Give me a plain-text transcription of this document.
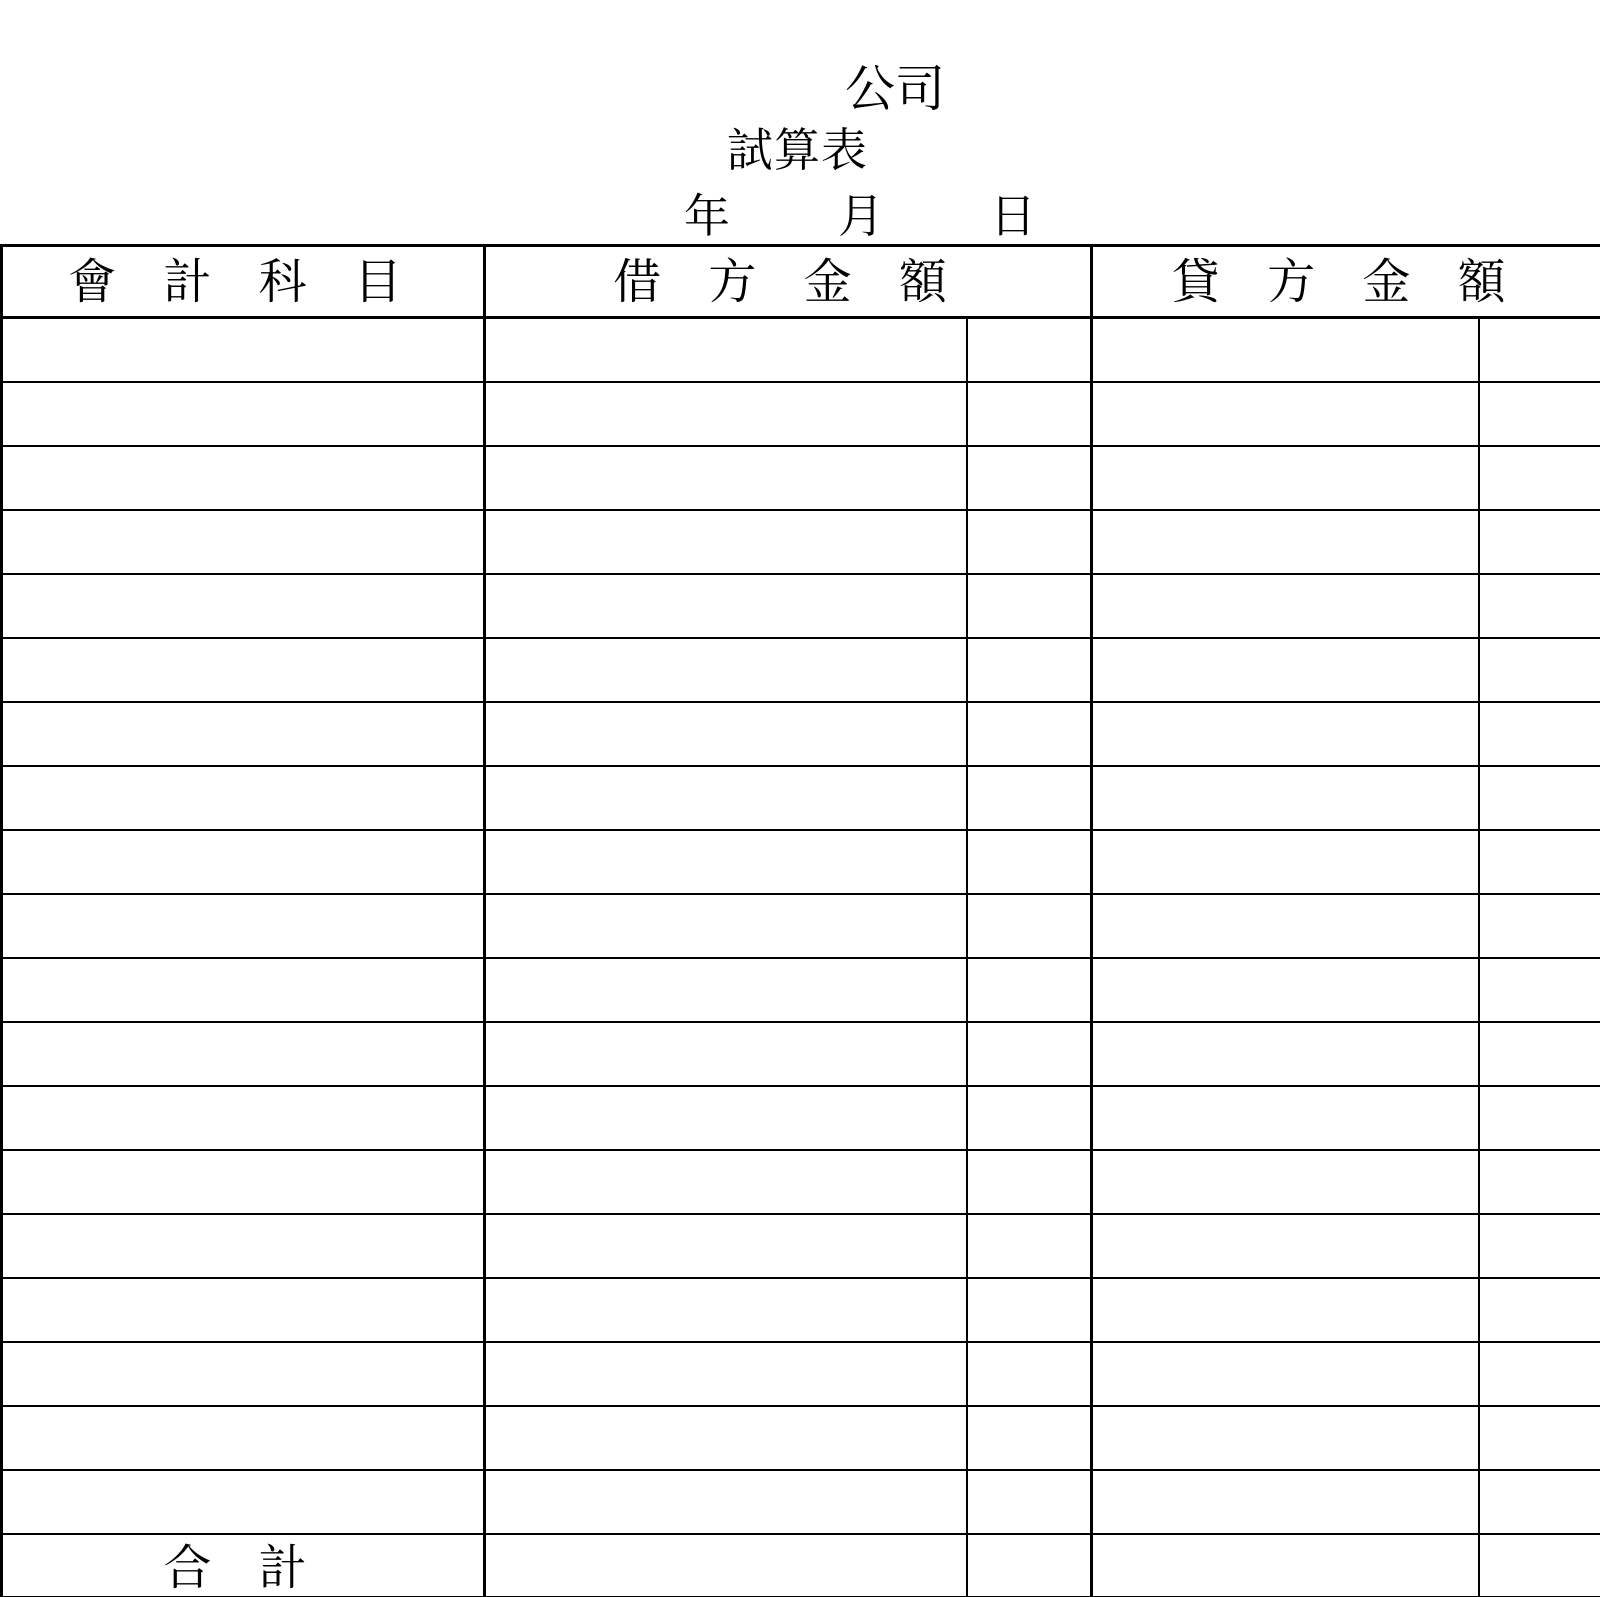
公司
試算表
年 月 日
會 計 科 目	借 方 金 額		貸 方 金 額	

合 計				
